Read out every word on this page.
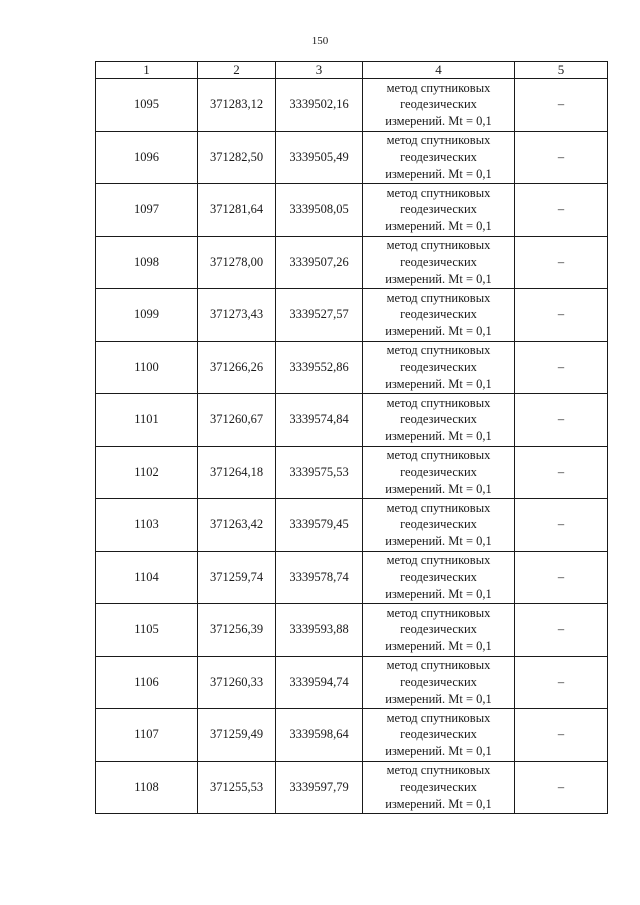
150
1	2	3	4	5
1095	371283,12	3339502,16	метод спутниковых
геодезических
измерений. Mt = 0,1	–
1096	371282,50	3339505,49	метод спутниковых
геодезических
измерений. Mt = 0,1	–
1097	371281,64	3339508,05	метод спутниковых
геодезических
измерений. Mt = 0,1	–
1098	371278,00	3339507,26	метод спутниковых
геодезических
измерений. Mt = 0,1	–
1099	371273,43	3339527,57	метод спутниковых
геодезических
измерений. Mt = 0,1	–
1100	371266,26	3339552,86	метод спутниковых
геодезических
измерений. Mt = 0,1	–
1101	371260,67	3339574,84	метод спутниковых
геодезических
измерений. Mt = 0,1	–
1102	371264,18	3339575,53	метод спутниковых
геодезических
измерений. Mt = 0,1	–
1103	371263,42	3339579,45	метод спутниковых
геодезических
измерений. Mt = 0,1	–
1104	371259,74	3339578,74	метод спутниковых
геодезических
измерений. Mt = 0,1	–
1105	371256,39	3339593,88	метод спутниковых
геодезических
измерений. Mt = 0,1	–
1106	371260,33	3339594,74	метод спутниковых
геодезических
измерений. Mt = 0,1	–
1107	371259,49	3339598,64	метод спутниковых
геодезических
измерений. Mt = 0,1	–
1108	371255,53	3339597,79	метод спутниковых
геодезических
измерений. Mt = 0,1	–
